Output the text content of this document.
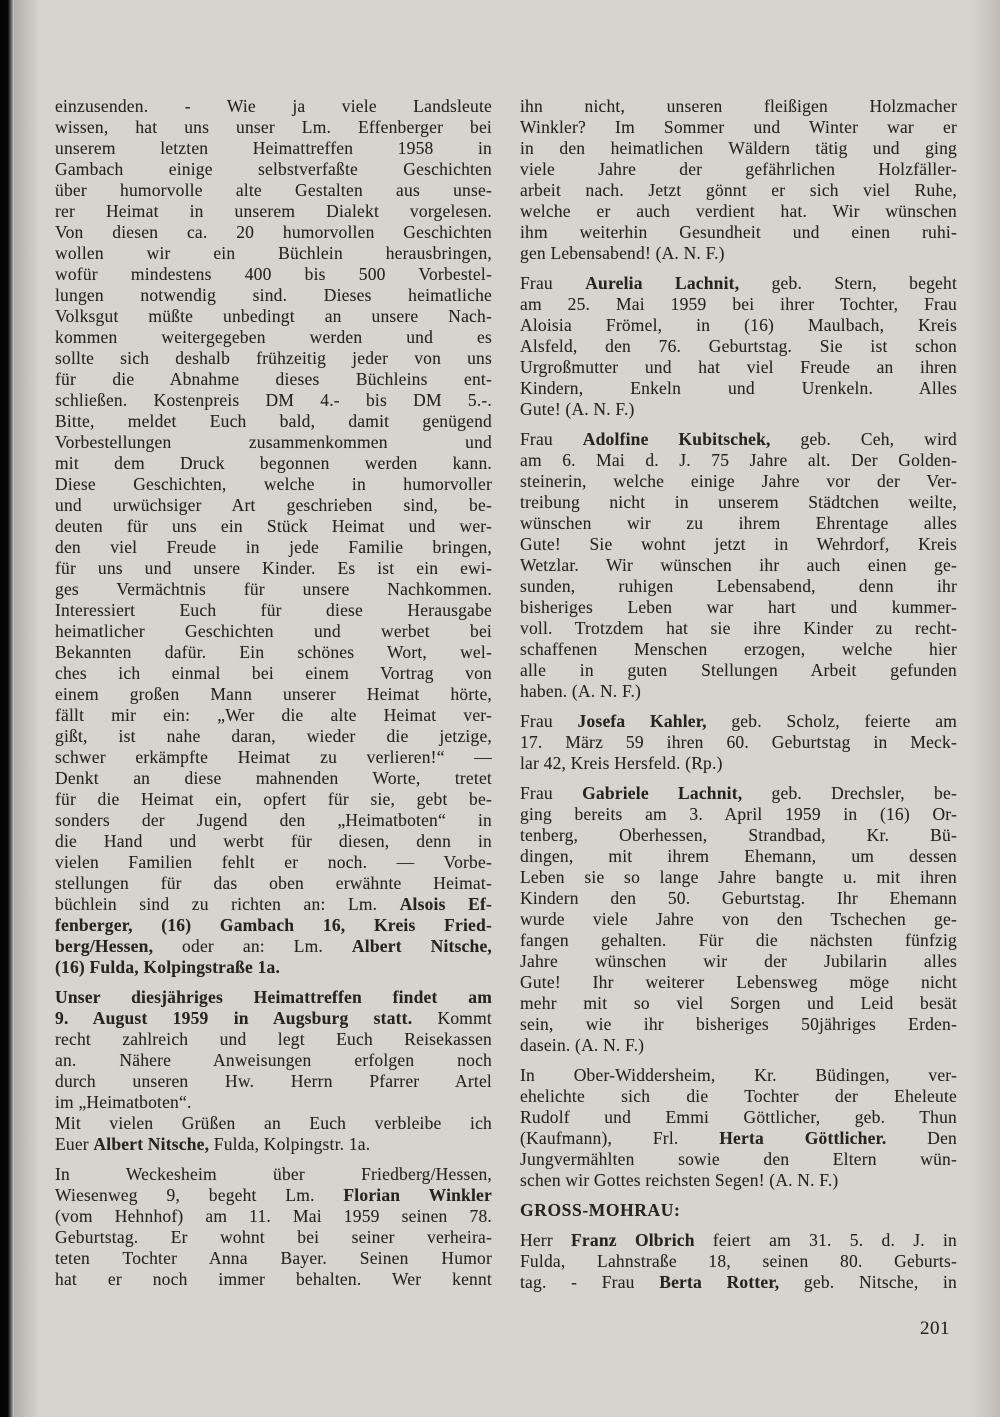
einzusenden. - Wie ja viele Landsleute
wissen, hat uns unser Lm. Effenberger bei
unserem letzten Heimattreffen 1958 in
Gambach einige selbstverfaßte Geschichten
über humorvolle alte Gestalten aus unse-
rer Heimat in unserem Dialekt vorgelesen.
Von diesen ca. 20 humorvollen Geschichten
wollen wir ein Büchlein herausbringen,
wofür mindestens 400 bis 500 Vorbestel-
lungen notwendig sind. Dieses heimatliche
Volksgut müßte unbedingt an unsere Nach-
kommen weitergegeben werden und es
sollte sich deshalb frühzeitig jeder von uns
für die Abnahme dieses Büchleins ent-
schließen. Kostenpreis DM 4.- bis DM 5.-.
Bitte, meldet Euch bald, damit genügend
Vorbestellungen zusammenkommen und
mit dem Druck begonnen werden kann.
Diese Geschichten, welche in humorvoller
und urwüchsiger Art geschrieben sind, be-
deuten für uns ein Stück Heimat und wer-
den viel Freude in jede Familie bringen,
für uns und unsere Kinder. Es ist ein ewi-
ges Vermächtnis für unsere Nachkommen.
Interessiert Euch für diese Herausgabe
heimatlicher Geschichten und werbet bei
Bekannten dafür. Ein schönes Wort, wel-
ches ich einmal bei einem Vortrag von
einem großen Mann unserer Heimat hörte,
fällt mir ein: „Wer die alte Heimat ver-
gißt, ist nahe daran, wieder die jetzige,
schwer erkämpfte Heimat zu verlieren!“ —
Denkt an diese mahnenden Worte, tretet
für die Heimat ein, opfert für sie, gebt be-
sonders der Jugend den „Heimatboten“ in
die Hand und werbt für diesen, denn in
vielen Familien fehlt er noch. — Vorbe-
stellungen für das oben erwähnte Heimat-
büchlein sind zu richten an: Lm. Alsois Ef-
fenberger, (16) Gambach 16, Kreis Fried-
berg/Hessen, oder an: Lm. Albert Nitsche,
(16) Fulda, Kolpingstraße 1a.
Unser diesjähriges Heimattreffen findet am
9. August 1959 in Augsburg statt. Kommt
recht zahlreich und legt Euch Reisekassen
an. Nähere Anweisungen erfolgen noch
durch unseren Hw. Herrn Pfarrer Artel
im „Heimatboten“.
Mit vielen Grüßen an Euch verbleibe ich
Euer Albert Nitsche, Fulda, Kolpingstr. 1a.
In Weckesheim über Friedberg/Hessen,
Wiesenweg 9, begeht Lm. Florian Winkler
(vom Hehnhof) am 11. Mai 1959 seinen 78.
Geburtstag. Er wohnt bei seiner verheira-
teten Tochter Anna Bayer. Seinen Humor
hat er noch immer behalten. Wer kennt
ihn nicht, unseren fleißigen Holzmacher
Winkler? Im Sommer und Winter war er
in den heimatlichen Wäldern tätig und ging
viele Jahre der gefährlichen Holzfäller-
arbeit nach. Jetzt gönnt er sich viel Ruhe,
welche er auch verdient hat. Wir wünschen
ihm weiterhin Gesundheit und einen ruhi-
gen Lebensabend! (A. N. F.)
Frau Aurelia Lachnit, geb. Stern, begeht
am 25. Mai 1959 bei ihrer Tochter, Frau
Aloisia Frömel, in (16) Maulbach, Kreis
Alsfeld, den 76. Geburtstag. Sie ist schon
Urgroßmutter und hat viel Freude an ihren
Kindern, Enkeln und Urenkeln. Alles
Gute! (A. N. F.)
Frau Adolfine Kubitschek, geb. Ceh, wird
am 6. Mai d. J. 75 Jahre alt. Der Golden-
steinerin, welche einige Jahre vor der Ver-
treibung nicht in unserem Städtchen weilte,
wünschen wir zu ihrem Ehrentage alles
Gute! Sie wohnt jetzt in Wehrdorf, Kreis
Wetzlar. Wir wünschen ihr auch einen ge-
sunden, ruhigen Lebensabend, denn ihr
bisheriges Leben war hart und kummer-
voll. Trotzdem hat sie ihre Kinder zu recht-
schaffenen Menschen erzogen, welche hier
alle in guten Stellungen Arbeit gefunden
haben. (A. N. F.)
Frau Josefa Kahler, geb. Scholz, feierte am
17. März 59 ihren 60. Geburtstag in Meck-
lar 42, Kreis Hersfeld. (Rp.)
Frau Gabriele Lachnit, geb. Drechsler, be-
ging bereits am 3. April 1959 in (16) Or-
tenberg, Oberhessen, Strandbad, Kr. Bü-
dingen, mit ihrem Ehemann, um dessen
Leben sie so lange Jahre bangte u. mit ihren
Kindern den 50. Geburtstag. Ihr Ehemann
wurde viele Jahre von den Tschechen ge-
fangen gehalten. Für die nächsten fünfzig
Jahre wünschen wir der Jubilarin alles
Gute! Ihr weiterer Lebensweg möge nicht
mehr mit so viel Sorgen und Leid besät
sein, wie ihr bisheriges 50jähriges Erden-
dasein. (A. N. F.)
In Ober-Widdersheim, Kr. Büdingen, ver-
ehelichte sich die Tochter der Eheleute
Rudolf und Emmi Göttlicher, geb. Thun
(Kaufmann), Frl. Herta Göttlicher. Den
Jungvermählten sowie den Eltern wün-
schen wir Gottes reichsten Segen! (A. N. F.)
GROSS-MOHRAU:
Herr Franz Olbrich feiert am 31. 5. d. J. in
Fulda, Lahnstraße 18, seinen 80. Geburts-
tag. - Frau Berta Rotter, geb. Nitsche, in
201
